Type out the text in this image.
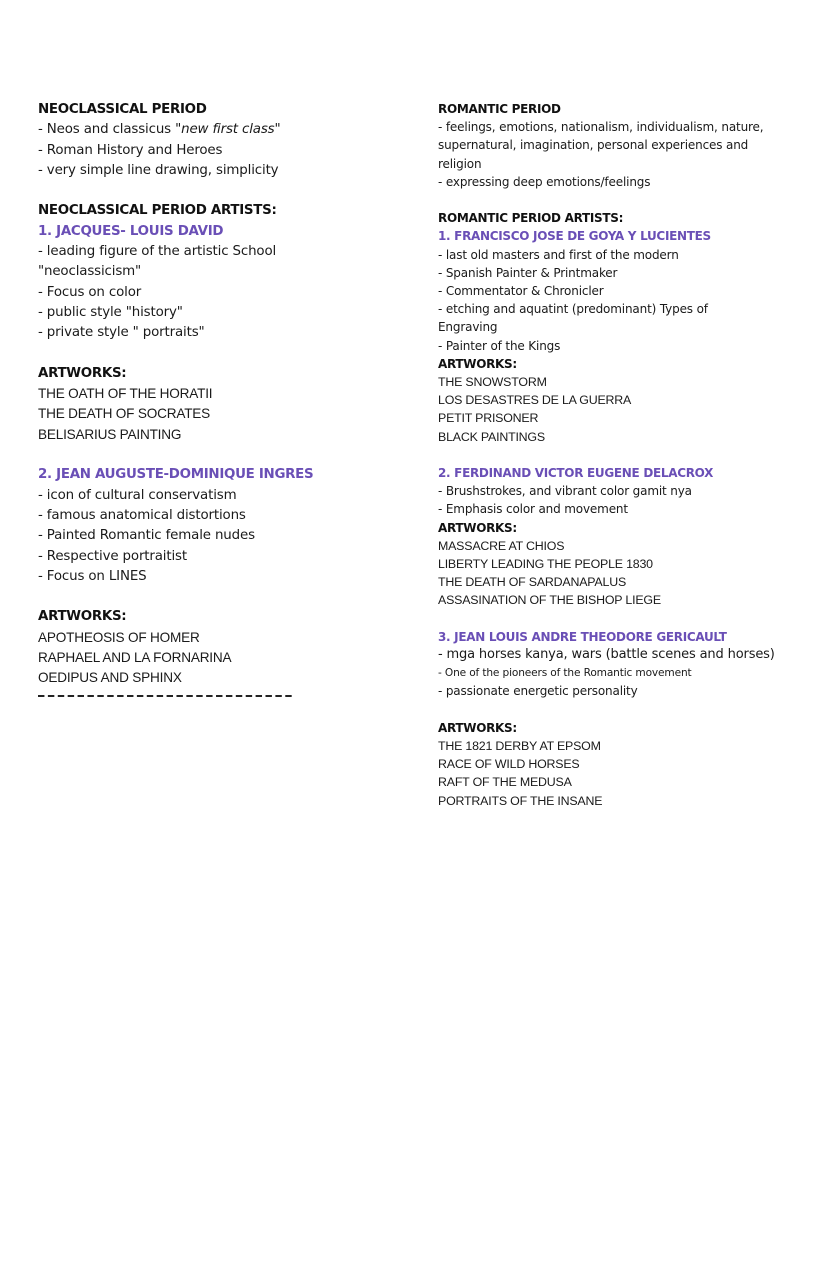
NEOCLASSICAL PERIOD
- Neos and classicus "new first class"
- Roman History and Heroes
- very simple line drawing, simplicity
NEOCLASSICAL PERIOD ARTISTS:
1. JACQUES- LOUIS DAVID
- leading figure of the artistic School
"neoclassicism"
- Focus on color
- public style "history"
- private style " portraits"
ARTWORKS:
THE OATH OF THE HORATII
THE DEATH OF SOCRATES
BELISARIUS PAINTING
2. JEAN AUGUSTE-DOMINIQUE INGRES
- icon of cultural conservatism
- famous anatomical distortions
- Painted Romantic female nudes
- Respective portraitist
- Focus on LINES
ARTWORKS:
APOTHEOSIS OF HOMER
RAPHAEL AND LA FORNARINA
OEDIPUS AND SPHINX
ROMANTIC PERIOD
- feelings, emotions, nationalism, individualism, nature,
supernatural, imagination, personal experiences and
religion
- expressing deep emotions/feelings
ROMANTIC PERIOD ARTISTS:
1. FRANCISCO JOSE DE GOYA Y LUCIENTES
- last old masters and first of the modern
- Spanish Painter & Printmaker
- Commentator & Chronicler
- etching and aquatint (predominant) Types of
Engraving
- Painter of the Kings
ARTWORKS:
THE SNOWSTORM
LOS DESASTRES DE LA GUERRA
PETIT PRISONER
BLACK PAINTINGS
2. FERDINAND VICTOR EUGENE DELACROX
- Brushstrokes, and vibrant color gamit nya
- Emphasis color and movement
ARTWORKS:
MASSACRE AT CHIOS
LIBERTY LEADING THE PEOPLE 1830
THE DEATH OF SARDANAPALUS
ASSASINATION OF THE BISHOP LIEGE
3. JEAN LOUIS ANDRE THEODORE GERICAULT
- mga horses kanya, wars (battle scenes and horses)
- One of the pioneers of the Romantic movement
- passionate energetic personality
ARTWORKS:
THE 1821 DERBY AT EPSOM
RACE OF WILD HORSES
RAFT OF THE MEDUSA
PORTRAITS OF THE INSANE
